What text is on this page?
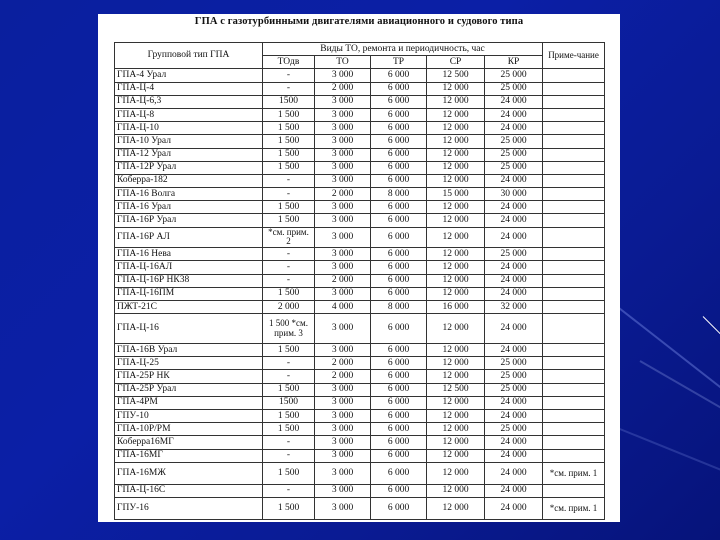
ГПА с газотурбинными двигателями авиационного и судового типа
Групповой тип ГПА	Виды ТО, ремонта и периодичность, час					Приме-чание
	ТОдв	ТО	ТР	СР	КР	
ГПА-4 Урал	-	3 000	6 000	12 500	25 000	
ГПА-Ц-4	-	2 000	6 000	12 000	25 000	
ГПА-Ц-6,3	1500	3 000	6 000	12 000	24 000	
ГПА-Ц-8	1 500	3 000	6 000	12 000	24 000	
ГПА-Ц-10	1 500	3 000	6 000	12 000	24 000	
ГПА-10 Урал	1 500	3 000	6 000	12 000	25 000	
ГПА-12 Урал	1 500	3 000	6 000	12 000	25 000	
ГПА-12Р Урал	1 500	3 000	6 000	12 000	25 000	
Коберра-182	-	3 000	6 000	12 000	24 000	
ГПА-16 Волга	-	2 000	8 000	15 000	30 000	
ГПА-16 Урал	1 500	3 000	6 000	12 000	24 000	
ГПА-16Р Урал	1 500	3 000	6 000	12 000	24 000	
ГПА-16Р АЛ	*см. прим. 2	3 000	6 000	12 000	24 000	
ГПА-16 Нева	-	3 000	6 000	12 000	25 000	
ГПА-Ц-16АЛ	-	3 000	6 000	12 000	24 000	
ГПА-Ц-16Р НК38	-	2 000	6 000	12 000	24 000	
ГПА-Ц-16ПМ	1 500	3 000	6 000	12 000	24 000	
ПЖТ-21С	2 000	4 000	8 000	16 000	32 000	
ГПА-Ц-16	1 500 *см. прим. 3	3 000	6 000	12 000	24 000	
ГПА-16В Урал	1 500	3 000	6 000	12 000	24 000	
ГПА-Ц-25	-	2 000	6 000	12 000	25 000	
ГПА-25Р НК	-	2 000	6 000	12 000	25 000	
ГПА-25Р Урал	1 500	3 000	6 000	12 500	25 000	
ГПА-4РМ	1500	3 000	6 000	12 000	24 000	
ГПУ-10	1 500	3 000	6 000	12 000	24 000	
ГПА-10Р/РМ	1 500	3 000	6 000	12 000	25 000	
Коберра16МГ	-	3 000	6 000	12 000	24 000	
ГПА-16МГ	-	3 000	6 000	12 000	24 000	
ГПА-16МЖ	1 500	3 000	6 000	12 000	24 000	*см. прим. 1
ГПА-Ц-16С	-	3 000	6 000	12 000	24 000	
ГПУ-16	1 500	3 000	6 000	12 000	24 000	*см. прим. 1
